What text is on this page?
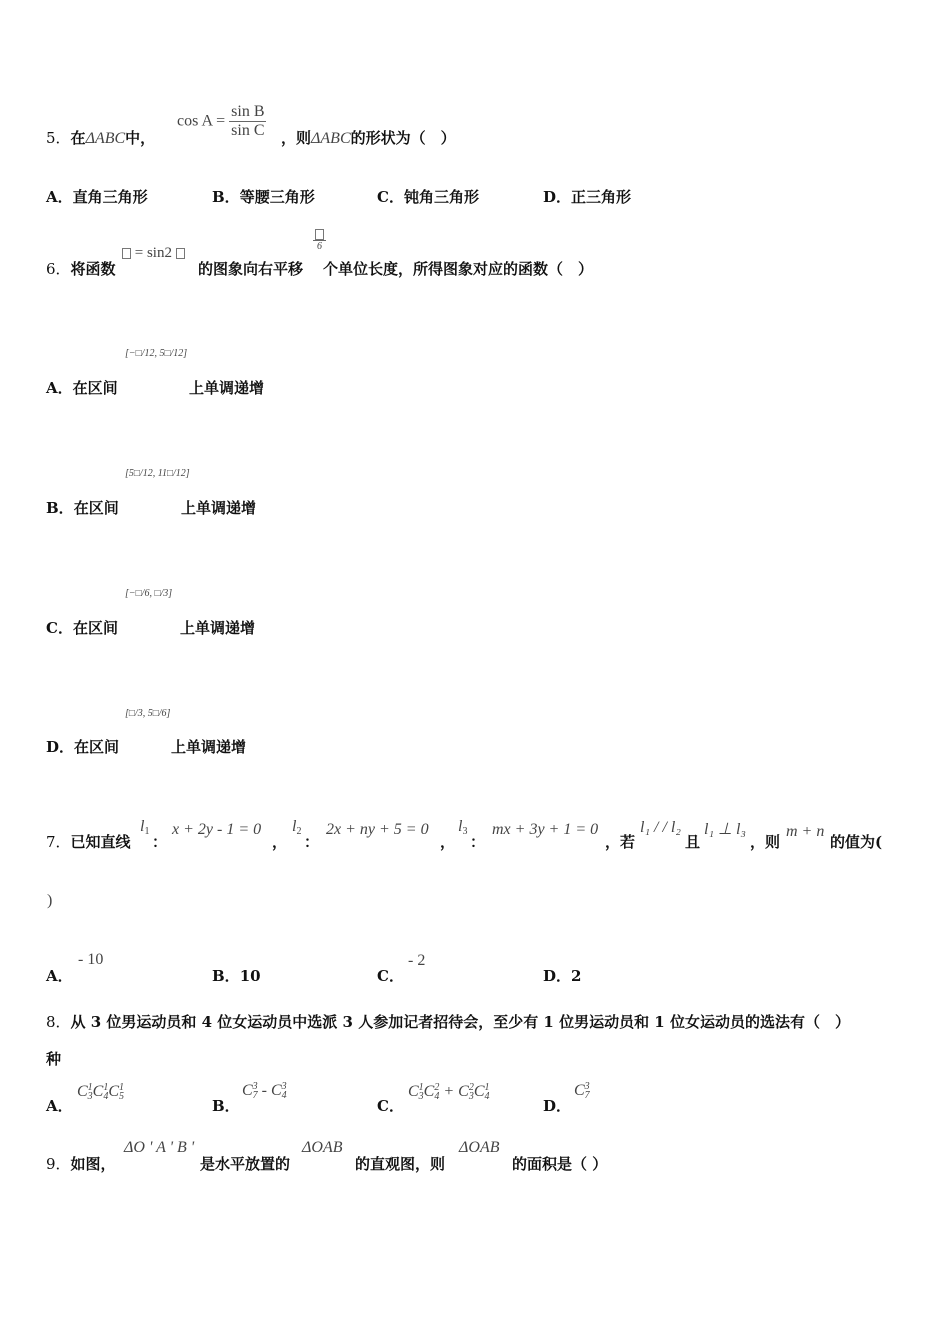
5．在ΔABC中，
$\cos A = \frac{\text{sin B}}{\text{sin C}}$ ，则ΔABC的形状为（　）
A．直角三角形	B．等腰三角形	C．钝角三角形	D．正三角形
6．将函数
= sin2
的图象向右平移
6
个单位长度，所得图象对应的函数（　）
[−□/12, 5□/12]
A．在区间	上单调递增
[5□/12, 11□/12]
B．在区间	上单调递增
[−□/6, □/3]
C．在区间	上单调递增
[□/3, 5□/6]
D．在区间	上单调递增
7．已知直线
$l_1$
：
x + 2y - 1 = 0
，
$l_2$
：
2x + ny + 5 = 0
，
$l_3$
：
mx + 3y + 1 = 0
，若
l₁ / / l₂
且
l₁ ⊥ l₃
，则
m + n
的值为(
)
A．
- 10
B．10	C．
- 2
D．2
8．从 3 位男运动员和 4 位女运动员中选派 3 人参加记者招待会，至少有 1 位男运动员和 1 位女运动员的选法有（　）
种
A．
$C^1_3C^1_4C^1_5$
B．
$C^3_7 - C^3_4$
C．
$C^1_3C^2_4 + C^2_3C^1_4$
D．
$C^3_7$
9．如图，
ΔO ' A ' B '
是水平放置的
ΔOAB
的直观图，则
ΔOAB
的面积是（ ）
